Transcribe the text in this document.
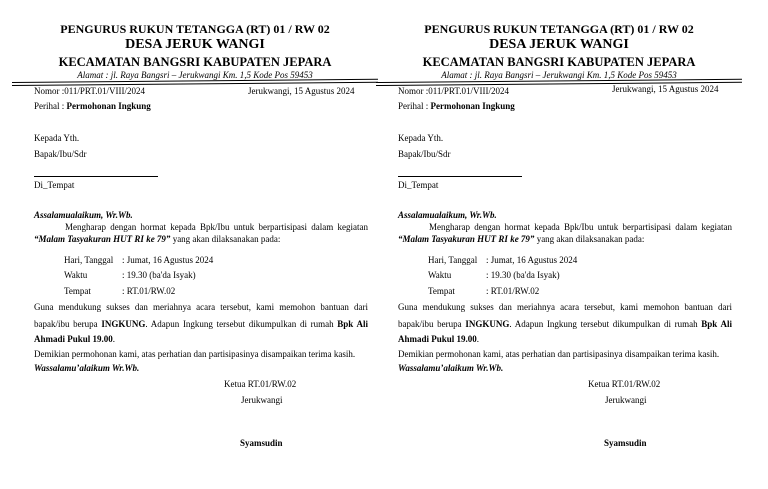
PENGURUS RUKUN TETANGGA (RT) 01 / RW 02
DESA JERUK WANGI
KECAMATAN BANGSRI KABUPATEN JEPARA
Alamat : jl. Raya Bangsri – Jerukwangi Km. 1,5 Kode Pos 59453
Nomor :011/PRT.01/VIII/2024	Jerukwangi, 15 Agustus 2024
Perihal : Permohonan Ingkung
Kepada Yth.
Bapak/Ibu/Sdr
Di_Tempat
Assalamualaikum, Wr.Wb.
Mengharap dengan hormat kepada Bpk/Ibu untuk berpartisipasi dalam kegiatan
“Malam Tasyakuran HUT RI ke 79” yang akan dilaksanakan pada:
Hari, Tanggal : Jumat, 16 Agustus 2024
Waktu	: 19.30 (ba'da Isyak)
Tempat	: RT.01/RW.02
Guna mendukung sukses dan meriahnya acara tersebut, kami memohon bantuan dari
bapak/ibu berupa INGKUNG. Adapun Ingkung tersebut dikumpulkan di rumah Bpk Ali
Ahmadi Pukul 19.00.
Demikian permohonan kami, atas perhatian dan partisipasinya disampaikan terima kasih.
Wassalamu’alaikum Wr.Wb.
Ketua RT.01/RW.02
Jerukwangi
Syamsudin
PENGURUS RUKUN TETANGGA (RT) 01 / RW 02
DESA JERUK WANGI
KECAMATAN BANGSRI KABUPATEN JEPARA
Alamat : jl. Raya Bangsri – Jerukwangi Km. 1,5 Kode Pos 59453
Nomor :011/PRT.01/VIII/2024	Jerukwangi, 15 Agustus 2024
Perihal : Permohonan Ingkung
Kepada Yth.
Bapak/Ibu/Sdr
Di_Tempat
Assalamualaikum, Wr.Wb.
Mengharap dengan hormat kepada Bpk/Ibu untuk berpartisipasi dalam kegiatan
“Malam Tasyakuran HUT RI ke 79” yang akan dilaksanakan pada:
Hari, Tanggal : Jumat, 16 Agustus 2024
Waktu	: 19.30 (ba'da Isyak)
Tempat	: RT.01/RW.02
Guna mendukung sukses dan meriahnya acara tersebut, kami memohon bantuan dari
bapak/ibu berupa INGKUNG. Adapun Ingkung tersebut dikumpulkan di rumah Bpk Ali
Ahmadi Pukul 19.00.
Demikian permohonan kami, atas perhatian dan partisipasinya disampaikan terima kasih.
Wassalamu’alaikum Wr.Wb.
Ketua RT.01/RW.02
Jerukwangi
Syamsudin
